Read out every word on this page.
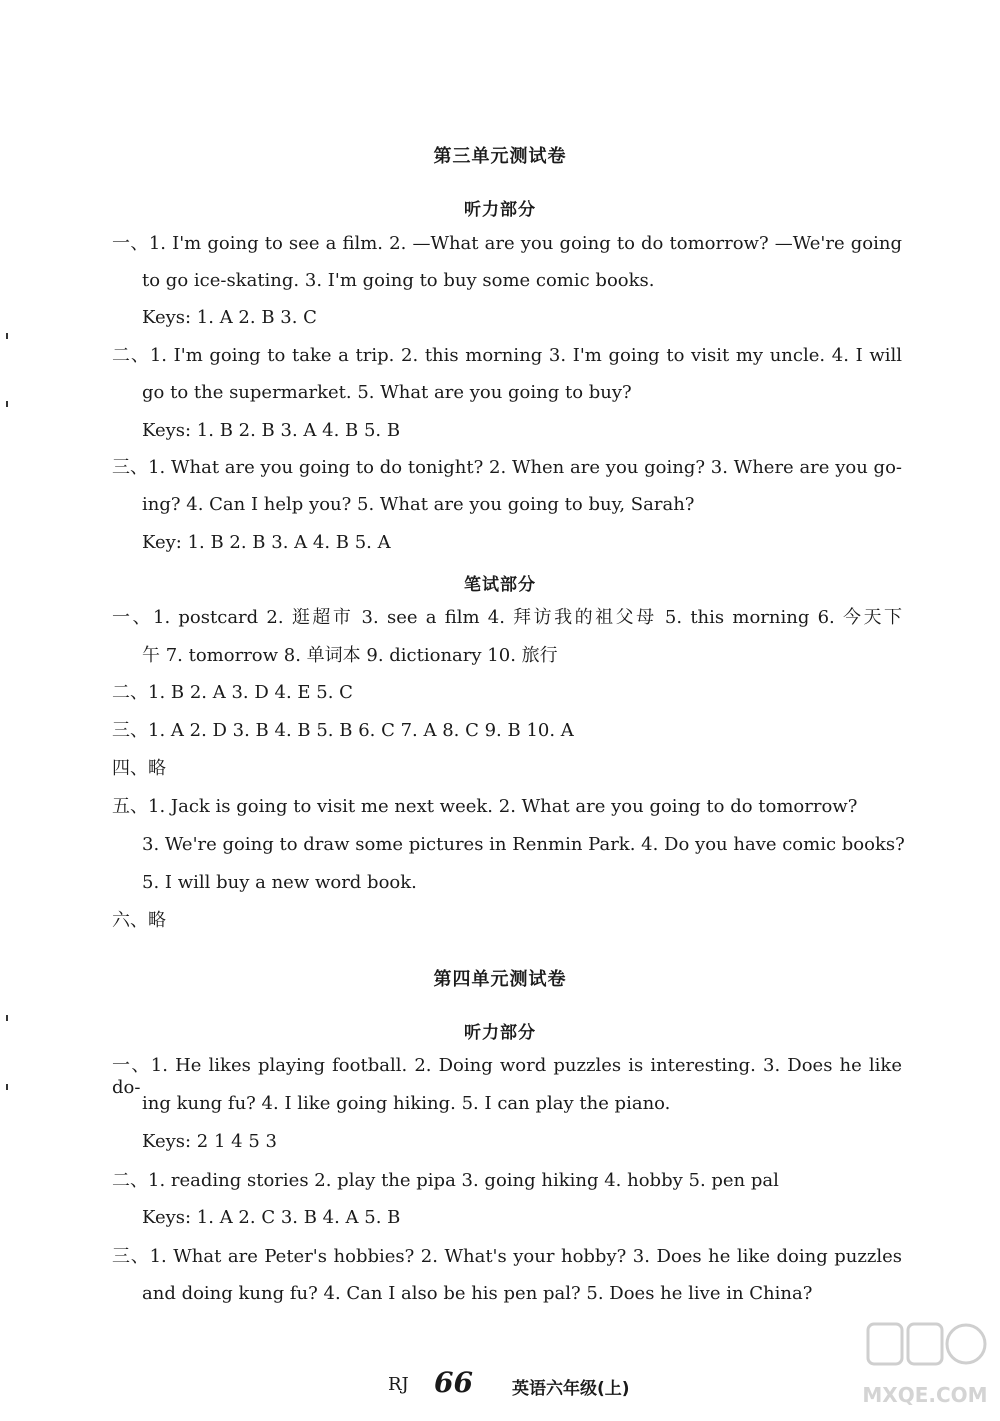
第三单元测试卷
听力部分
一、1. I'm going to see a film. 2. —What are you going to do tomorrow? —We're going
to go ice-skating. 3. I'm going to buy some comic books.
Keys: 1. A 2. B 3. C
二、1. I'm going to take a trip. 2. this morning 3. I'm going to visit my uncle. 4. I will
go to the supermarket. 5. What are you going to buy?
Keys: 1. B 2. B 3. A 4. B 5. B
三、1. What are you going to do tonight? 2. When are you going? 3. Where are you go-
ing? 4. Can I help you? 5. What are you going to buy, Sarah?
Key: 1. B 2. B 3. A 4. B 5. A
笔试部分
一、1. postcard 2. 逛超市 3. see a film 4. 拜访我的祖父母 5. this morning 6. 今天下
午 7. tomorrow 8. 单词本 9. dictionary 10. 旅行
二、1. B 2. A 3. D 4. E 5. C
三、1. A 2. D 3. B 4. B 5. B 6. C 7. A 8. C 9. B 10. A
四、略
五、1. Jack is going to visit me next week. 2. What are you going to do tomorrow?
3. We're going to draw some pictures in Renmin Park. 4. Do you have comic books?
5. I will buy a new word book.
六、略
第四单元测试卷
听力部分
一、1. He likes playing football. 2. Doing word puzzles is interesting. 3. Does he like do-
ing kung fu? 4. I like going hiking. 5. I can play the piano.
Keys: 2 1 4 5 3
二、1. reading stories 2. play the pipa 3. going hiking 4. hobby 5. pen pal
Keys: 1. A 2. C 3. B 4. A 5. B
三、1. What are Peter's hobbies? 2. What's your hobby? 3. Does he like doing puzzles
and doing kung fu? 4. Can I also be his pen pal? 5. Does he live in China?
RJ 66 英语六年级(上)	MXQE.COM
